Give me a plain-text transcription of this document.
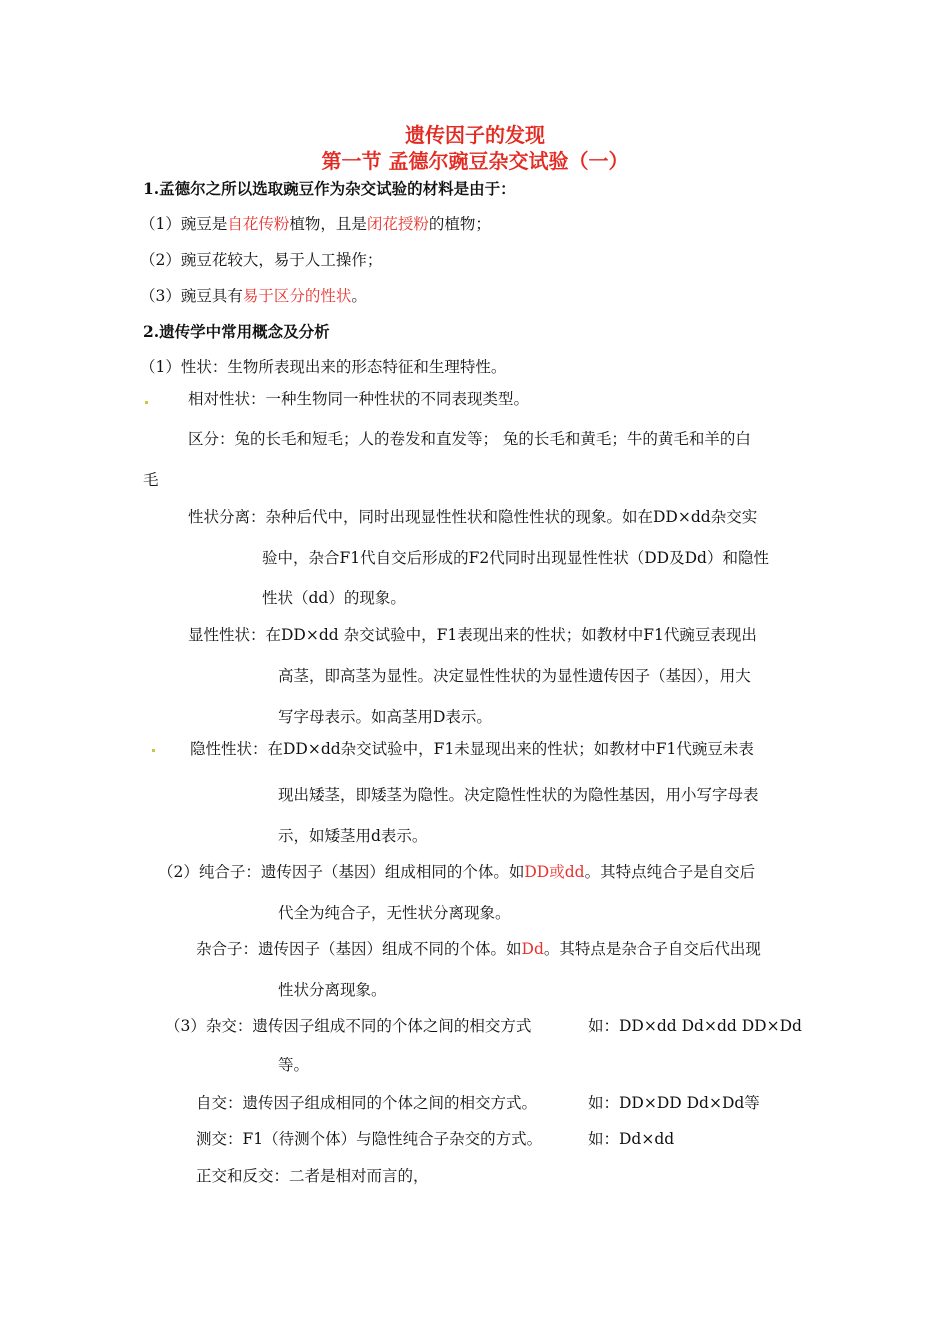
遗传因子的发现
第一节 孟德尔豌豆杂交试验（一）
1.孟德尔之所以选取豌豆作为杂交试验的材料是由于：
（1）豌豆是自花传粉植物，且是闭花授粉的植物；
（2）豌豆花较大，易于人工操作；
（3）豌豆具有易于区分的性状。
2.遗传学中常用概念及分析
（1）性状：生物所表现出来的形态特征和生理特性。
相对性状：一种生物同一种性状的不同表现类型。
区分：兔的长毛和短毛；人的卷发和直发等； 兔的长毛和黄毛；牛的黄毛和羊的白
毛
性状分离：杂种后代中，同时出现显性性状和隐性性状的现象。如在DD×dd杂交实
验中，杂合F1代自交后形成的F2代同时出现显性性状（DD及Dd）和隐性
性状（dd）的现象。
显性性状：在DD×dd 杂交试验中，F1表现出来的性状；如教材中F1代豌豆表现出
高茎，即高茎为显性。决定显性性状的为显性遗传因子（基因），用大
写字母表示。如高茎用D表示。
隐性性状：在DD×dd杂交试验中，F1未显现出来的性状；如教材中F1代豌豆未表
现出矮茎，即矮茎为隐性。决定隐性性状的为隐性基因，用小写字母表
示，如矮茎用d表示。
（2）纯合子：遗传因子（基因）组成相同的个体。如DD或dd。其特点纯合子是自交后
代全为纯合子，无性状分离现象。
杂合子：遗传因子（基因）组成不同的个体。如Dd。其特点是杂合子自交后代出现
性状分离现象。
（3）杂交：遗传因子组成不同的个体之间的相交方式	如：DD×dd Dd×dd DD×Dd
等。
自交：遗传因子组成相同的个体之间的相交方式。	如：DD×DD Dd×Dd等
测交：F1（待测个体）与隐性纯合子杂交的方式。	如：Dd×dd
正交和反交：二者是相对而言的，
